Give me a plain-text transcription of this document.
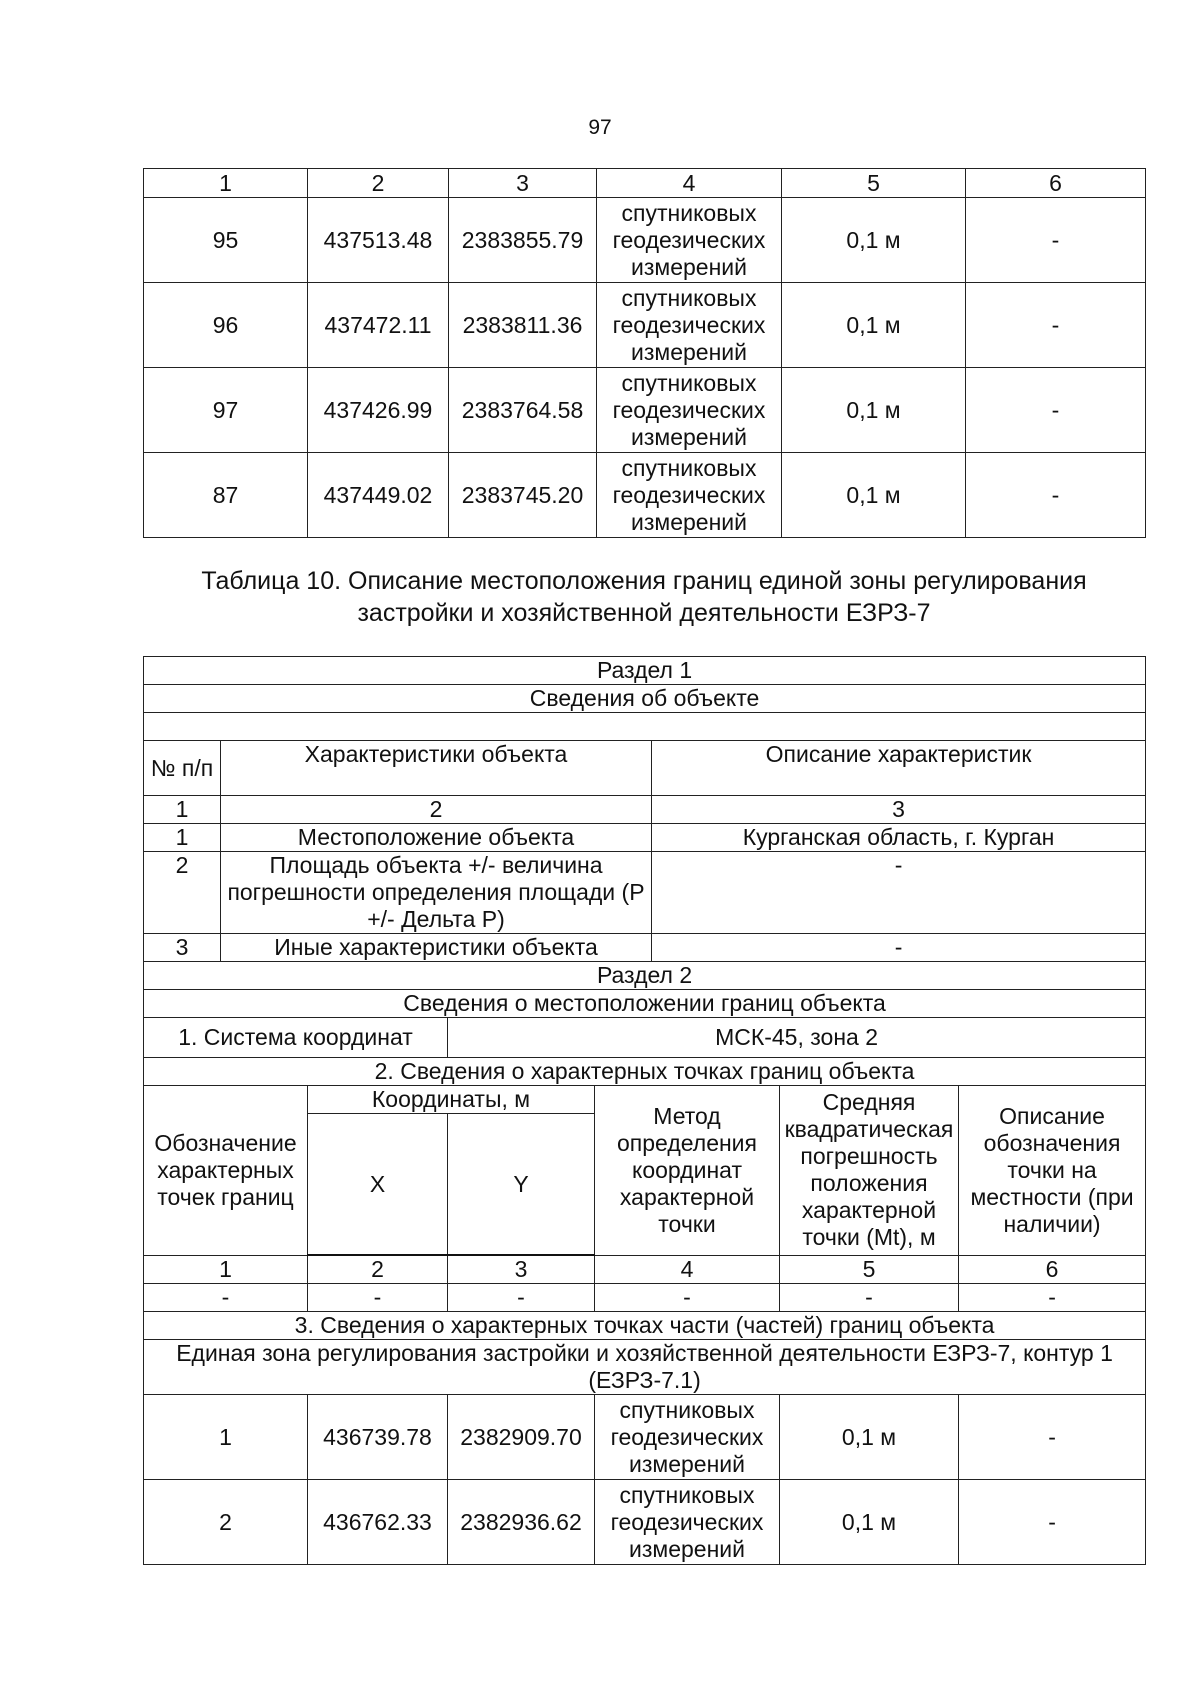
97
1	2	3	4	5	6
95	437513.48	2383855.79	спутниковых геодезических измерений	0,1 м	-
96	437472.11	2383811.36	спутниковых геодезических измерений	0,1 м	-
97	437426.99	2383764.58	спутниковых геодезических измерений	0,1 м	-
87	437449.02	2383745.20	спутниковых геодезических измерений	0,1 м	-
Таблица 10. Описание местоположения границ единой зоны регулирования
застройки и хозяйственной деятельности ЕЗРЗ-7
Раздел 1							
Сведения об объекте							

№ п/п	Характеристики объекта				Описание характеристик		
1	2				3		
1	Местоположение объекта				Курганская область, г. Курган		
2	Площадь объекта +/- величина погрешности определения площади (P +/- Дельта P)				-		
3	Иные характеристики объекта				-		
Раздел 2							
Сведения о местоположении границ объекта							
1. Система координат			МСК-45, зона 2				
2. Сведения о характерных точках границ объекта							
Обозначение характерных точек границ		Координаты, м		Метод определения координат характерной точки		Средняя квадратическая погрешность положения характерной точки (Mt), м	Описание обозначения точки на местности (при наличии)
		X	Y				
1		2	3	4		5	6
-		-	-	-		-	-
3. Сведения о характерных точках части (частей) границ объекта							
Единая зона регулирования застройки и хозяйственной деятельности ЕЗРЗ-7, контур 1 (ЕЗРЗ-7.1)							
1		436739.78	2382909.70	спутниковых геодезических измерений		0,1 м	-
2		436762.33	2382936.62	спутниковых геодезических измерений		0,1 м	-
